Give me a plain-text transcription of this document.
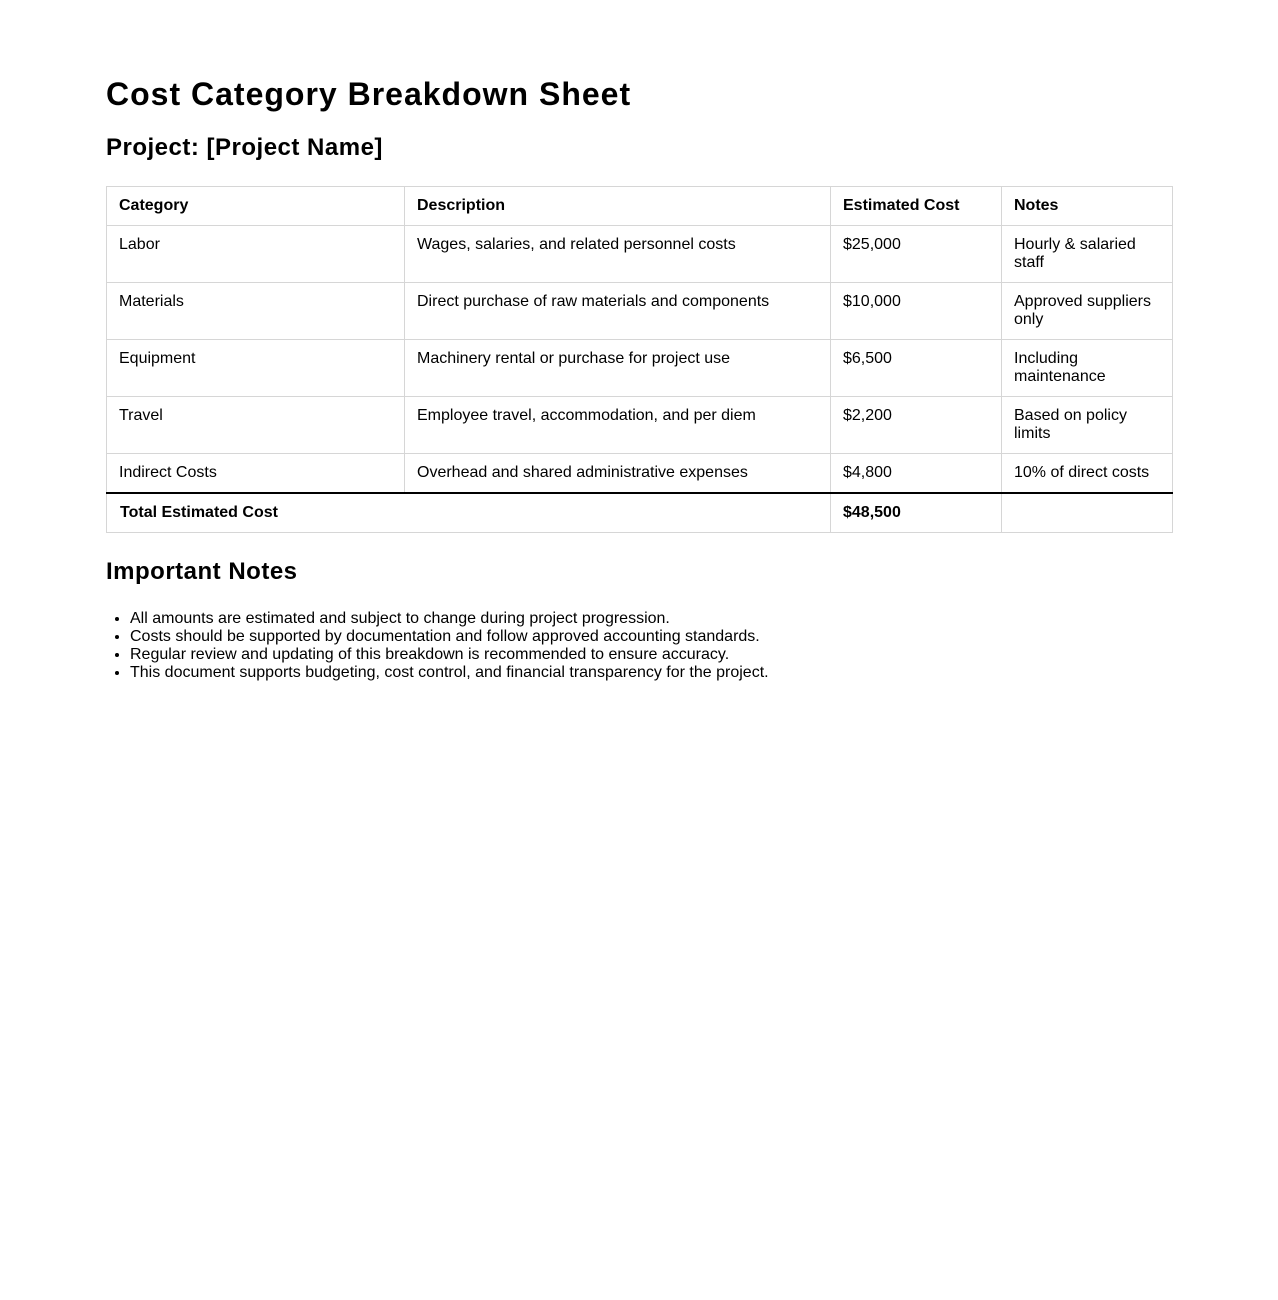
Cost Category Breakdown Sheet
Project: [Project Name]
Category	Description	Estimated Cost	Notes
Labor	Wages, salaries, and related personnel costs	$25,000	Hourly & salaried staff
Materials	Direct purchase of raw materials and components	$10,000	Approved suppliers only
Equipment	Machinery rental or purchase for project use	$6,500	Including maintenance
Travel	Employee travel, accommodation, and per diem	$2,200	Based on policy limits
Indirect Costs	Overhead and shared administrative expenses	$4,800	10% of direct costs
Total Estimated Cost		$48,500	
Important Notes
• All amounts are estimated and subject to change during project progression.
• Costs should be supported by documentation and follow approved accounting standards.
• Regular review and updating of this breakdown is recommended to ensure accuracy.
• This document supports budgeting, cost control, and financial transparency for the project.
